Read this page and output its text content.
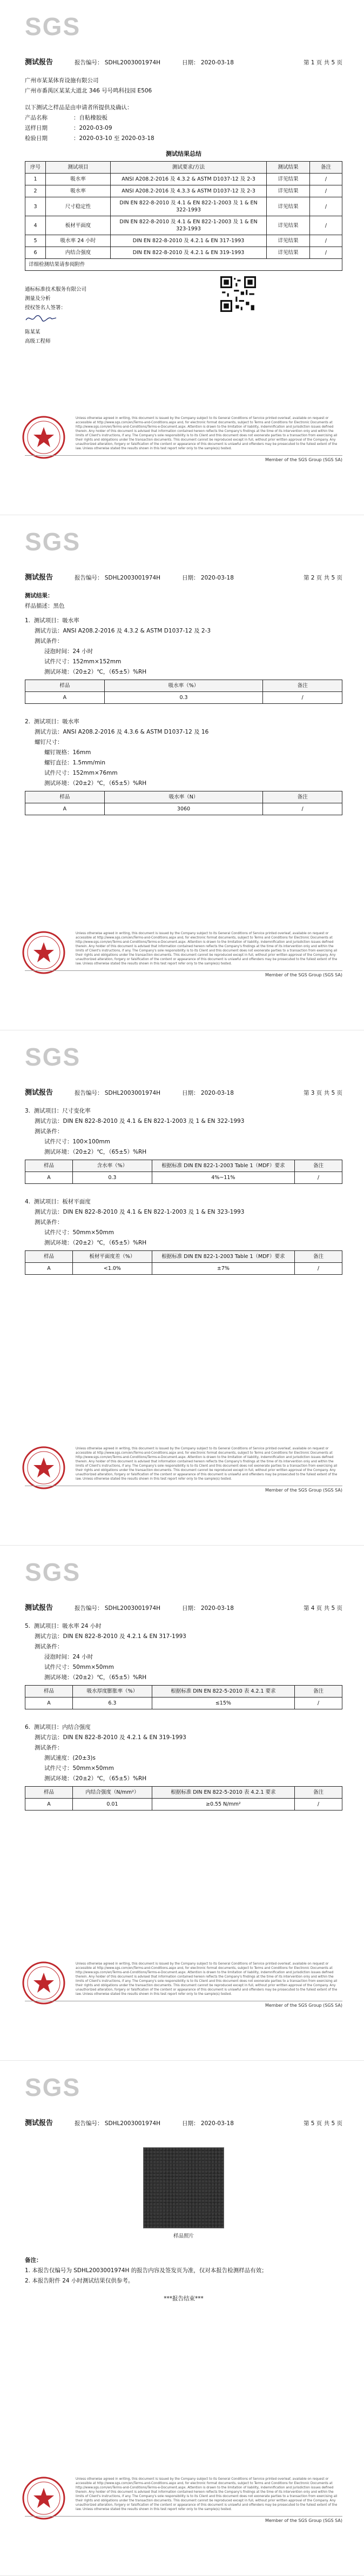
SGS
测试报告	报告编号： SDHL2003001974H	日期： 2020-03-18	第 1 页 共 5 页
广州市某某体育设施有限公司
广州市番禺区某某大道北 346 号号鸣科技园 E506
以下测试之样品是由申请者所提供及确认：
产品名称	：自粘橡胶板
送样日期	：2020-03-09
检验日期	：2020-03-10 至 2020-03-18
测试结果总结
序号	测试项目	测试要求/方法	测试结果	备注
1	吸水率	ANSI A208.2-2016 及 4.3.2 & ASTM D1037-12 及 2-3	详见结果	/
2	吸水率	ANSI A208.2-2016 及 4.3.3 & ASTM D1037-12 及 2-3	详见结果	/
3	尺寸稳定性	DIN EN 822-8-2010 及 4.1 & EN 822-1-2003 及 1 & EN 322-1993	详见结果	/
4	板材平面度	DIN EN 822-8-2010 及 4.1 & EN 822-1-2003 及 1 & EN 323-1993	详见结果	/
5	吸水率 24 小时	DIN EN 822-8-2010 及 4.2.1 & EN 317-1993	详见结果	/
6	内结合强度	DIN EN 822-8-2010 及 4.2.1 & EN 319-1993	详见结果	/
详细检测结果请参阅附件				
通标标准技术服务有限公司
测量及分析
授权签名人签署：
陈某某
高级工程师
Unless otherwise agreed in writing, this document is issued by the Company subject to its General Conditions of Service printed overleaf, available on request or accessible at http://www.sgs.com/en/Terms-and-Conditions.aspx and, for electronic format documents, subject to Terms and Conditions for Electronic Documents at http://www.sgs.com/en/Terms-and-Conditions/Terms-e-Document.aspx. Attention is drawn to the limitation of liability, indemnification and jurisdiction issues defined therein. Any holder of this document is advised that information contained hereon reflects the Company's findings at the time of its intervention only and within the limits of Client's instructions, if any. The Company's sole responsibility is to its Client and this document does not exonerate parties to a transaction from exercising all their rights and obligations under the transaction documents. This document cannot be reproduced except in full, without prior written approval of the Company. Any unauthorized alteration, forgery or falsification of the content or appearance of this document is unlawful and offenders may be prosecuted to the fullest extent of the law. Unless otherwise stated the results shown in this test report refer only to the sample(s) tested.
Member of the SGS Group (SGS SA)
SGS
测试报告	报告编号： SDHL2003001974H	日期： 2020-03-18	第 2 页 共 5 页
测试结果：
样品描述：黑色
1.  测试项目：吸水率
测试方法：ANSI A208.2-2016 及 4.3.2 & ASTM D1037-12 及 2-3
测试条件：
浸泡时间：24 小时
试件尺寸：152mm×152mm
测试环境：（20±2）℃，（65±5）%RH
样品	吸水率（%）	备注
A	0.3	/
2.  测试项目：吸水率
测试方法：ANSI A208.2-2016 及 4.3.6 & ASTM D1037-12 及 16
螺钉尺寸：
螺钉规格：16mm
螺钉直径：1.5mm/min
试件尺寸：152mm×76mm
测试环境：（20±2）℃，（65±5）%RH
样品	吸水率（N）	备注
A	3060	/
Unless otherwise agreed in writing, this document is issued by the Company subject to its General Conditions of Service printed overleaf, available on request or accessible at http://www.sgs.com/en/Terms-and-Conditions.aspx and, for electronic format documents, subject to Terms and Conditions for Electronic Documents at http://www.sgs.com/en/Terms-and-Conditions/Terms-e-Document.aspx. Attention is drawn to the limitation of liability, indemnification and jurisdiction issues defined therein. Any holder of this document is advised that information contained hereon reflects the Company's findings at the time of its intervention only and within the limits of Client's instructions, if any. The Company's sole responsibility is to its Client and this document does not exonerate parties to a transaction from exercising all their rights and obligations under the transaction documents. This document cannot be reproduced except in full, without prior written approval of the Company. Any unauthorized alteration, forgery or falsification of the content or appearance of this document is unlawful and offenders may be prosecuted to the fullest extent of the law. Unless otherwise stated the results shown in this test report refer only to the sample(s) tested.
Member of the SGS Group (SGS SA)
SGS
测试报告	报告编号： SDHL2003001974H	日期： 2020-03-18	第 3 页 共 5 页
3.  测试项目：尺寸变化率
测试方法：DIN EN 822-8-2010 及 4.1 & EN 822-1-2003 及 1 & EN 322-1993
测试条件：
试件尺寸：100×100mm
测试环境：（20±2）℃，（65±5）%RH
样品	含水率（%）	根据标准 DIN EN 822-1-2003 Table 1（MDF）要求	备注
A	0.3	4%~11%	/
4.  测试项目：板材平面度
测试方法：DIN EN 822-8-2010 及 4.1 & EN 822-1-2003 及 1 & EN 323-1993
测试条件：
试件尺寸：50mm×50mm
测试环境：（20±2）℃，（65±5）%RH
样品	板材平面度差（%）	根据标准 DIN EN 822-1-2003 Table 1（MDF）要求	备注
A	<1.0%	±7%	/
Unless otherwise agreed in writing, this document is issued by the Company subject to its General Conditions of Service printed overleaf, available on request or accessible at http://www.sgs.com/en/Terms-and-Conditions.aspx and, for electronic format documents, subject to Terms and Conditions for Electronic Documents at http://www.sgs.com/en/Terms-and-Conditions/Terms-e-Document.aspx. Attention is drawn to the limitation of liability, indemnification and jurisdiction issues defined therein. Any holder of this document is advised that information contained hereon reflects the Company's findings at the time of its intervention only and within the limits of Client's instructions, if any. The Company's sole responsibility is to its Client and this document does not exonerate parties to a transaction from exercising all their rights and obligations under the transaction documents. This document cannot be reproduced except in full, without prior written approval of the Company. Any unauthorized alteration, forgery or falsification of the content or appearance of this document is unlawful and offenders may be prosecuted to the fullest extent of the law. Unless otherwise stated the results shown in this test report refer only to the sample(s) tested.
Member of the SGS Group (SGS SA)
SGS
测试报告	报告编号： SDHL2003001974H	日期： 2020-03-18	第 4 页 共 5 页
5.  测试项目：吸水率 24 小时
测试方法：DIN EN 822-8-2010 及 4.2.1 & EN 317-1993
测试条件：
浸泡时间：24 小时
试件尺寸：50mm×50mm
测试环境：（20±2）℃，（65±5）%RH
样品	吸水厚度膨胀率（%）	根据标准 DIN EN 822-5-2010 表 4.2.1 要求	备注
A	6.3	≤15%	/
6.  测试项目：内结合强度
测试方法：DIN EN 822-8-2010 及 4.2.1 & EN 319-1993
测试条件：
测试速度：(20±3)s
试件尺寸：50mm×50mm
测试环境：（20±2）℃，（65±5）%RH
样品	内结合强度（N/mm²）	根据标准 DIN EN 822-5-2010 表 4.2.1 要求	备注
A	0.01	≥0.55 N/mm²	/
Unless otherwise agreed in writing, this document is issued by the Company subject to its General Conditions of Service printed overleaf, available on request or accessible at http://www.sgs.com/en/Terms-and-Conditions.aspx and, for electronic format documents, subject to Terms and Conditions for Electronic Documents at http://www.sgs.com/en/Terms-and-Conditions/Terms-e-Document.aspx. Attention is drawn to the limitation of liability, indemnification and jurisdiction issues defined therein. Any holder of this document is advised that information contained hereon reflects the Company's findings at the time of its intervention only and within the limits of Client's instructions, if any. The Company's sole responsibility is to its Client and this document does not exonerate parties to a transaction from exercising all their rights and obligations under the transaction documents. This document cannot be reproduced except in full, without prior written approval of the Company. Any unauthorized alteration, forgery or falsification of the content or appearance of this document is unlawful and offenders may be prosecuted to the fullest extent of the law. Unless otherwise stated the results shown in this test report refer only to the sample(s) tested.
Member of the SGS Group (SGS SA)
SGS
测试报告	报告编号： SDHL2003001974H	日期： 2020-03-18	第 5 页 共 5 页
样品照片
备注：
1. 本报告仅编号为 SDHL2003001974H 的报告内容及签发页为准，仅对本报告检测样品有效；
2. 本报告附件 24 小时测试结果仅供参考。
***报告结束***
Unless otherwise agreed in writing, this document is issued by the Company subject to its General Conditions of Service printed overleaf, available on request or accessible at http://www.sgs.com/en/Terms-and-Conditions.aspx and, for electronic format documents, subject to Terms and Conditions for Electronic Documents at http://www.sgs.com/en/Terms-and-Conditions/Terms-e-Document.aspx. Attention is drawn to the limitation of liability, indemnification and jurisdiction issues defined therein. Any holder of this document is advised that information contained hereon reflects the Company's findings at the time of its intervention only and within the limits of Client's instructions, if any. The Company's sole responsibility is to its Client and this document does not exonerate parties to a transaction from exercising all their rights and obligations under the transaction documents. This document cannot be reproduced except in full, without prior written approval of the Company. Any unauthorized alteration, forgery or falsification of the content or appearance of this document is unlawful and offenders may be prosecuted to the fullest extent of the law. Unless otherwise stated the results shown in this test report refer only to the sample(s) tested.
Member of the SGS Group (SGS SA)
